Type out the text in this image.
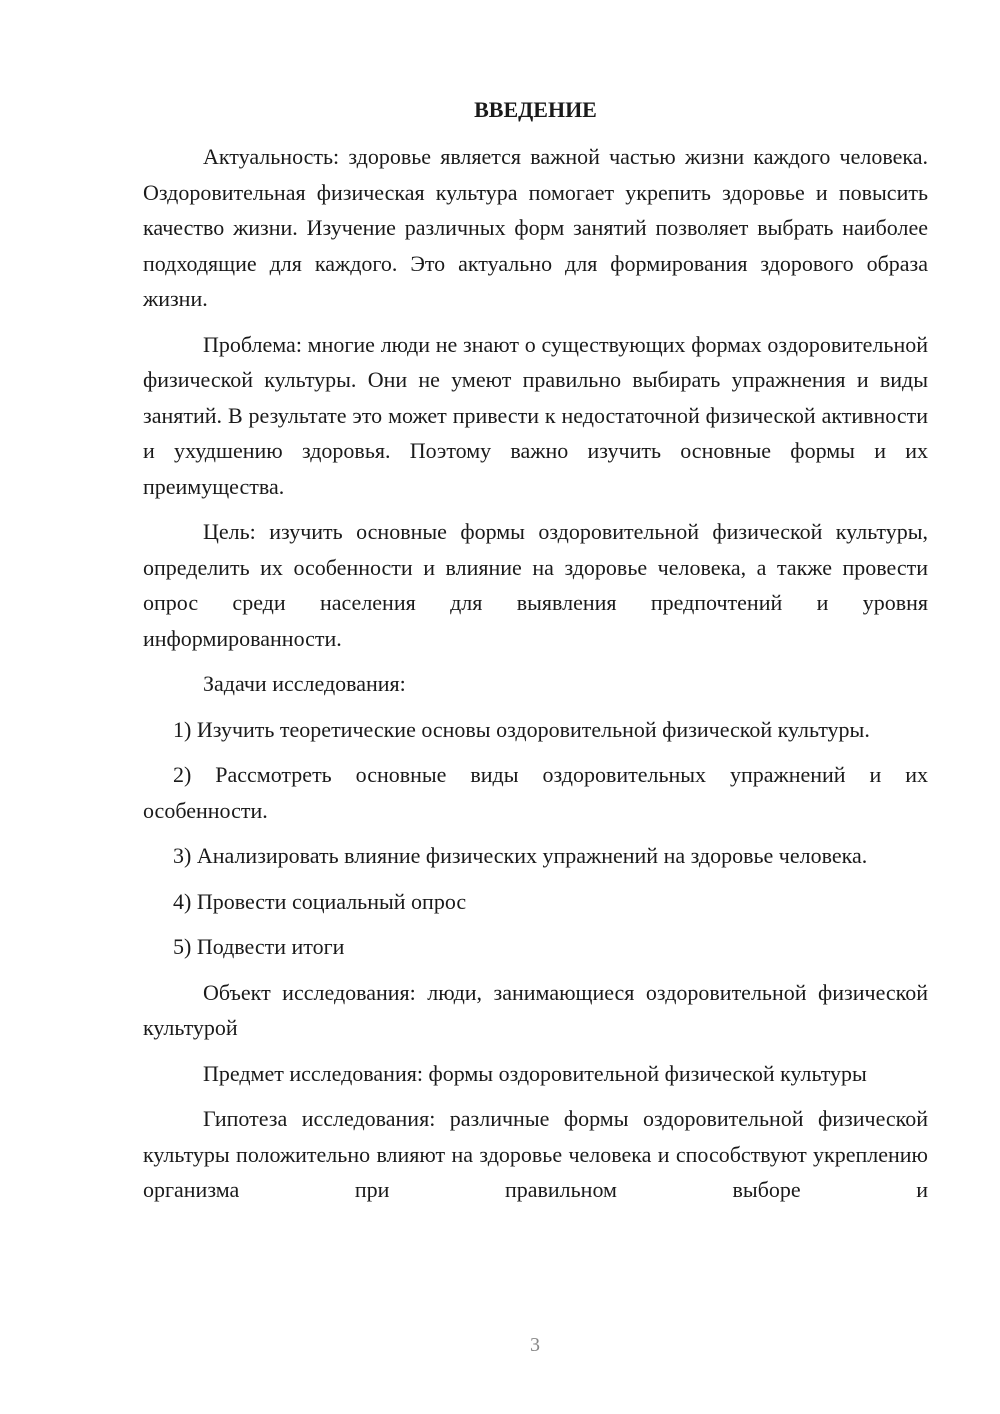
ВВЕДЕНИЕ

Актуальность: здоровье является важной частью жизни каждого человека. Оздоровительная физическая культура помогает укрепить здоровье и повысить качество жизни. Изучение различных форм занятий позволяет выбрать наиболее подходящие для каждого. Это актуально для формирования здорового образа жизни.

Проблема: многие люди не знают о существующих формах оздоровительной физической культуры. Они не умеют правильно выбирать упражнения и виды занятий. В результате это может привести к недостаточной физической активности и ухудшению здоровья. Поэтому важно изучить основные формы и их преимущества.

Цель: изучить основные формы оздоровительной физической культуры, определить их особенности и влияние на здоровье человека, а также провести опрос среди населения для выявления предпочтений и уровня информированности.

Задачи исследования:

1) Изучить теоретические основы оздоровительной физической культуры.

2) Рассмотреть основные виды оздоровительных упражнений и их особенности.

3) Анализировать влияние физических упражнений на здоровье человека.

4) Провести социальный опрос

5) Подвести итоги

Объект исследования: люди, занимающиеся оздоровительной физической культурой

Предмет исследования: формы оздоровительной физической культуры

Гипотеза исследования: различные формы оздоровительной физической культуры положительно влияют на здоровье человека и способствуют укреплению организма при правильном выборе и

3
